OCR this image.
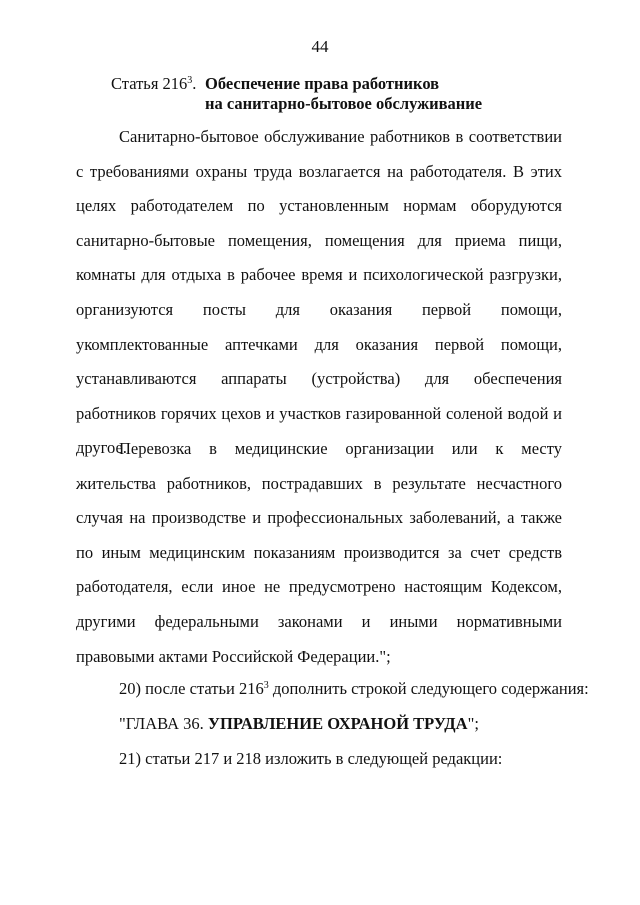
44
Статья $216^3$. Обеспечение права работников
на санитарно-бытовое обслуживание

Санитарно-бытовое обслуживание работников в соответствии с требованиями охраны труда возлагается на работодателя. В этих целях работодателем по установленным нормам оборудуются санитарно-бытовые помещения, помещения для приема пищи, комнаты для отдыха в рабочее время и психологической разгрузки, организуются посты для оказания первой помощи, укомплектованные аптечками для оказания первой помощи, устанавливаются аппараты (устройства) для обеспечения работников горячих цехов и участков газированной соленой водой и другое.

Перевозка в медицинские организации или к месту жительства работников, пострадавших в результате несчастного случая на производстве и профессиональных заболеваний, а также по иным медицинским показаниям производится за счет средств работодателя, если иное не предусмотрено настоящим Кодексом, другими федеральными законами и иными нормативными правовыми актами Российской Федерации.";

20) после статьи $216^3$ дополнить строкой следующего содержания:

"ГЛАВА 36. УПРАВЛЕНИЕ ОХРАНОЙ ТРУДА";

21) статьи 217 и 218 изложить в следующей редакции:
